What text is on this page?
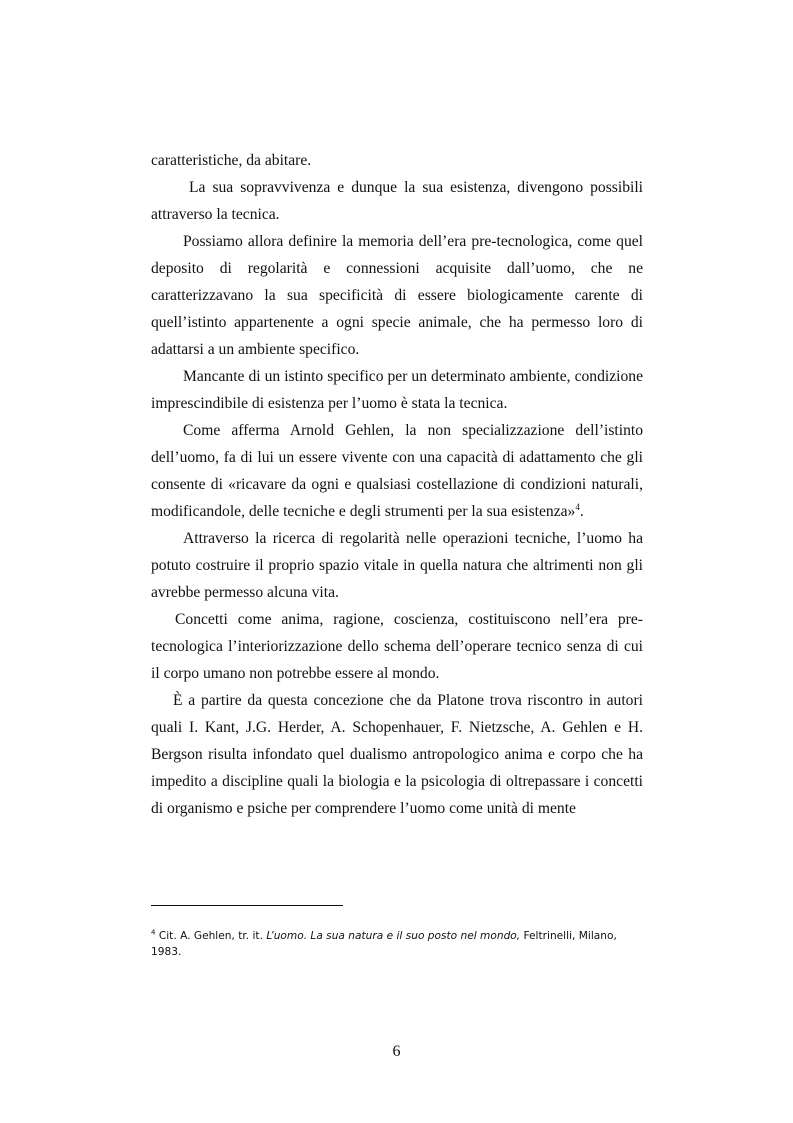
caratteristiche, da abitare.

La sua sopravvivenza e dunque la sua esistenza, divengono possibili attraverso la tecnica.

Possiamo allora definire la memoria dell’era pre-tecnologica, come quel deposito di regolarità e connessioni acquisite dall’uomo, che ne caratterizzavano la sua specificità di essere biologicamente carente di quell’istinto appartenente a ogni specie animale, che ha permesso loro di adattarsi a un ambiente specifico.

Mancante di un istinto specifico per un determinato ambiente, condizione imprescindibile di esistenza per l’uomo è stata la tecnica.

Come afferma Arnold Gehlen, la non specializzazione dell’istinto dell’uomo, fa di lui un essere vivente con una capacità di adattamento che gli consente di «ricavare da ogni e qualsiasi costellazione di condizioni naturali, modificandole, delle tecniche e degli strumenti per la sua esistenza»$^4$.

Attraverso la ricerca di regolarità nelle operazioni tecniche, l’uomo ha potuto costruire il proprio spazio vitale in quella natura che altrimenti non gli avrebbe permesso alcuna vita.

Concetti come anima, ragione, coscienza, costituiscono nell’era pre-tecnologica l’interiorizzazione dello schema dell’operare tecnico senza di cui il corpo umano non potrebbe essere al mondo.

È a partire da questa concezione che da Platone trova riscontro in autori quali I. Kant, J.G. Herder, A. Schopenhauer, F. Nietzsche, A. Gehlen e H. Bergson risulta infondato quel dualismo antropologico anima e corpo che ha impedito a discipline quali la biologia e la psicologia di oltrepassare i concetti di organismo e psiche per comprendere l’uomo come unità di mente

$^4$ Cit. A. Gehlen, tr. it. L’uomo. La sua natura e il suo posto nel mondo, Feltrinelli, Milano, 1983.
6
